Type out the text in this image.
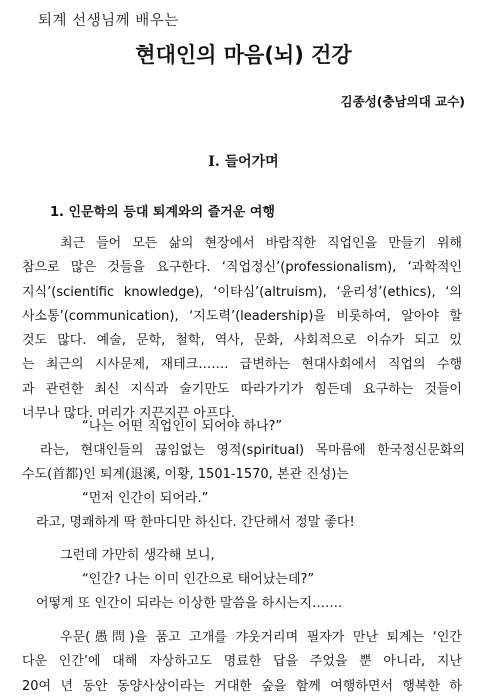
퇴계 선생님께 배우는
현대인의 마음(뇌) 건강
김종성(충남의대 교수)
I. 들어가며
1. 인문학의 등대 퇴계와의 즐거운 여행
최근 들어 모든 삶의 현장에서 바람직한 직업인을 만들기 위해
참으로 많은 것들을 요구한다. ‘직업정신’(professionalism), ‘과학적인
지식’(scientific knowledge), ‘이타심’(altruism), ‘윤리성’(ethics), ‘의
사소통’(communication), ‘지도력’(leadership)을 비롯하여, 알아야 할
것도 많다. 예술, 문학, 철학, 역사, 문화, 사회적으로 이슈가 되고 있
는 최근의 시사문제, 재테크……. 급변하는 현대사회에서 직업의 수행
과 관련한 최신 지식과 술기만도 따라가기가 힘든데 요구하는 것들이
너무나 많다. 머리가 지끈지끈 아프다.
“나는 어떤 직업인이 되어야 하나?”
라는, 현대인들의 끊임없는 영적(spiritual) 목마름에 한국정신문화의
수도(首都)인 퇴계(退溪, 이황, 1501-1570, 본관 진성)는
“먼저 인간이 되어라.”
라고, 명쾌하게 딱 한마디만 하신다. 간단해서 정말 좋다!
그런데 가만히 생각해 보니,
“인간? 나는 이미 인간으로 태어났는데?”
어떻게 또 인간이 되라는 이상한 말씀을 하시는지…….
우문(愚問)을 품고 고개를 갸웃거리며 필자가 만난 퇴계는 ‘인간
다운 인간’에 대해 자상하고도 명료한 답을 주었을 뿐 아니라, 지난
20여 년 동안 동양사상이라는 거대한 숲을 함께 여행하면서 행복한 하
